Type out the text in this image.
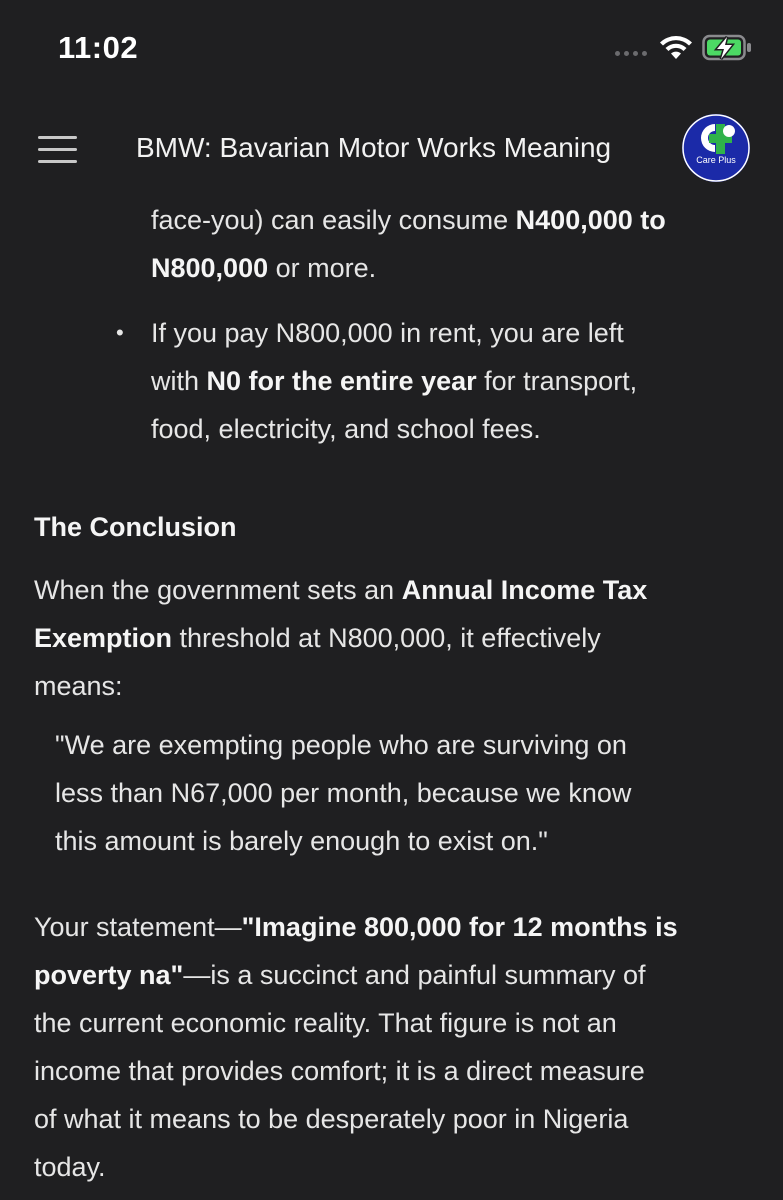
11:02
BMW: Bavarian Motor Works Meaning	Care Plus
face-you) can easily consume N400,000 to
N800,000 or more.
• If you pay N800,000 in rent, you are left
with N0 for the entire year for transport,
food, electricity, and school fees.
The Conclusion
When the government sets an Annual Income Tax
Exemption threshold at N800,000, it effectively
means:
"We are exempting people who are surviving on
less than N67,000 per month, because we know
this amount is barely enough to exist on."
Your statement—"Imagine 800,000 for 12 months is
poverty na"—is a succinct and painful summary of
the current economic reality. That figure is not an
income that provides comfort; it is a direct measure
of what it means to be desperately poor in Nigeria
today.
